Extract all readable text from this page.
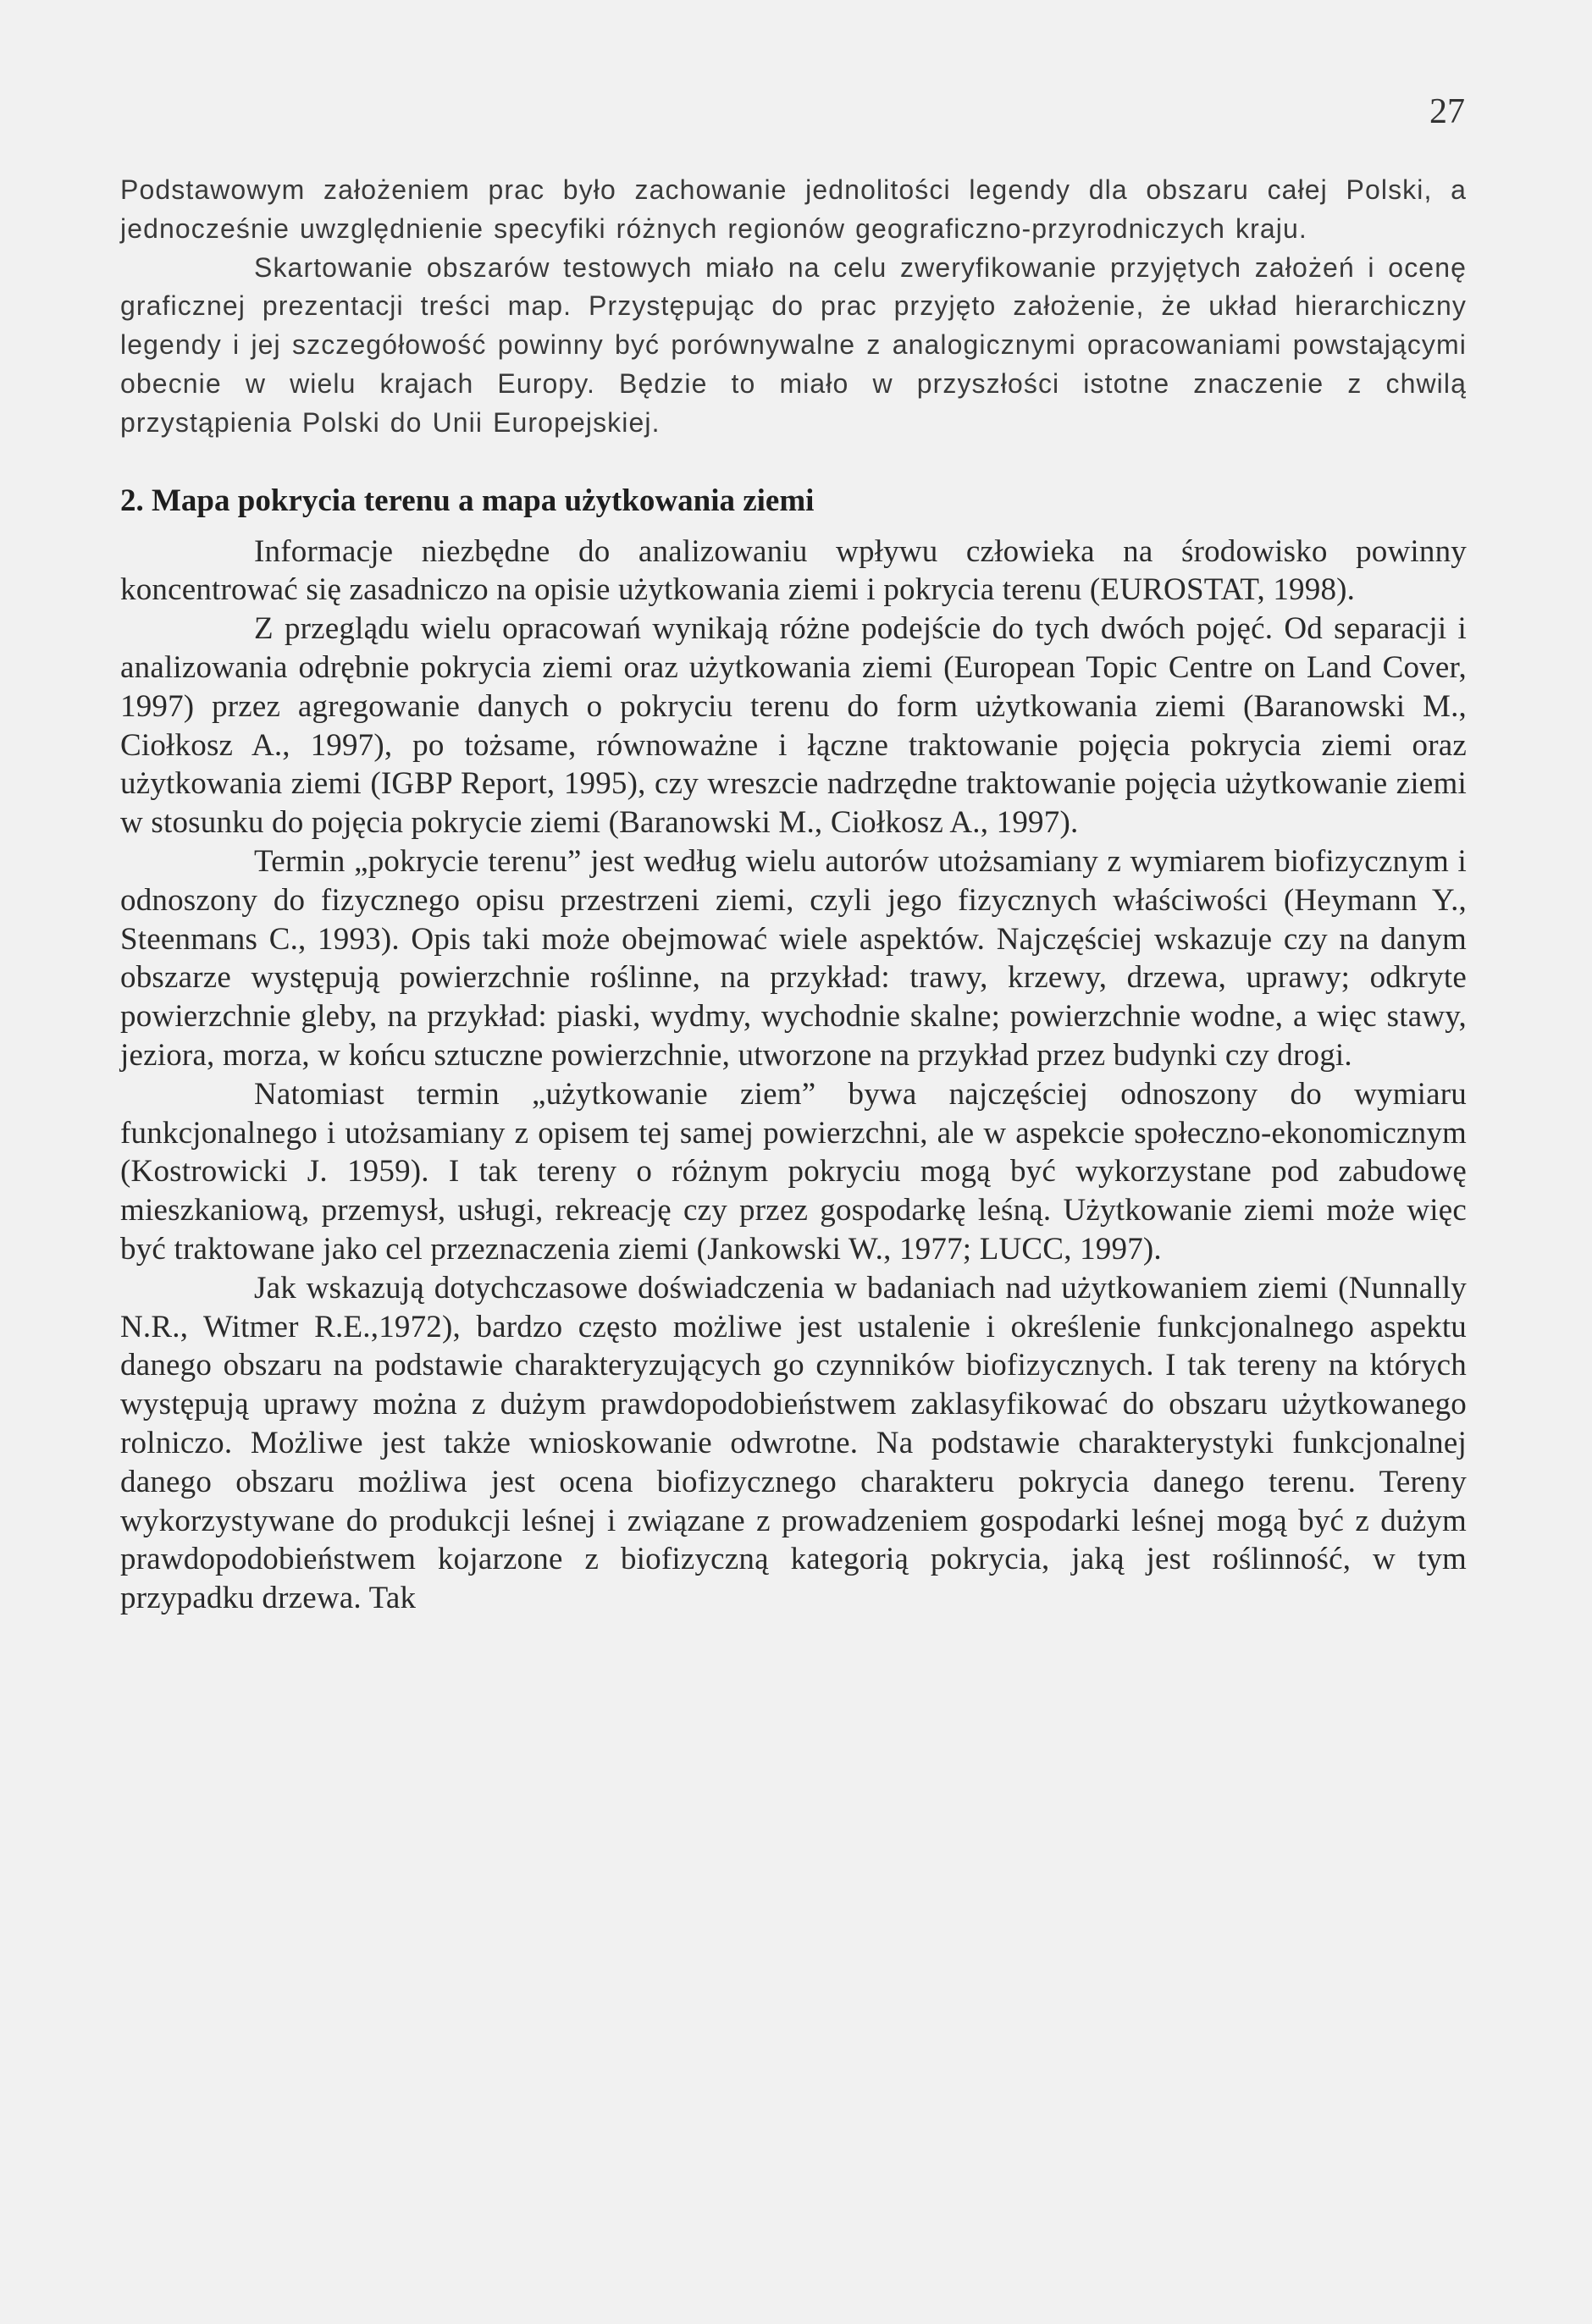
27

Podstawowym założeniem prac było zachowanie jednolitości legendy dla obszaru całej Polski, a jednocześnie uwzględnienie specyfiki różnych regionów geograficzno-przyrodniczych kraju.

Skartowanie obszarów testowych miało na celu zweryfikowanie przyjętych założeń i ocenę graficznej prezentacji treści map. Przystępując do prac przyjęto założenie, że układ hierarchiczny legendy i jej szczegółowość powinny być porównywalne z analogicznymi opracowaniami powstającymi obecnie w wielu krajach Europy. Będzie to miało w przyszłości istotne znaczenie z chwilą przystąpienia Polski do Unii Europejskiej.

2. Mapa pokrycia terenu a mapa użytkowania ziemi

Informacje niezbędne do analizowaniu wpływu człowieka na środowisko powinny koncentrować się zasadniczo na opisie użytkowania ziemi i pokrycia terenu (EUROSTAT, 1998).

Z przeglądu wielu opracowań wynikają różne podejście do tych dwóch pojęć. Od separacji i analizowania odrębnie pokrycia ziemi oraz użytkowania ziemi (European Topic Centre on Land Cover, 1997) przez agregowanie danych o pokryciu terenu do form użytkowania ziemi (Baranowski M., Ciołkosz A., 1997), po tożsame, równoważne i łączne traktowanie pojęcia pokrycia ziemi oraz użytkowania ziemi (IGBP Report, 1995), czy wreszcie nadrzędne traktowanie pojęcia użytkowanie ziemi w stosunku do pojęcia pokrycie ziemi (Baranowski M., Ciołkosz A., 1997).

Termin „pokrycie terenu” jest według wielu autorów utożsamiany z wymiarem biofizycznym i odnoszony do fizycznego opisu przestrzeni ziemi, czyli jego fizycznych właściwości (Heymann Y., Steenmans C., 1993). Opis taki może obejmować wiele aspektów. Najczęściej wskazuje czy na danym obszarze występują powierzchnie roślinne, na przykład: trawy, krzewy, drzewa, uprawy; odkryte powierzchnie gleby, na przykład: piaski, wydmy, wychodnie skalne; powierzchnie wodne, a więc stawy, jeziora, morza, w końcu sztuczne powierzchnie, utworzone na przykład przez budynki czy drogi.

Natomiast termin „użytkowanie ziem” bywa najczęściej odnoszony do wymiaru funkcjonalnego i utożsamiany z opisem tej samej powierzchni, ale w aspekcie społeczno-ekonomicznym (Kostrowicki J. 1959). I tak tereny o różnym pokryciu mogą być wykorzystane pod zabudowę mieszkaniową, przemysł, usługi, rekreację czy przez gospodarkę leśną. Użytkowanie ziemi może więc być traktowane jako cel przeznaczenia ziemi (Jankowski W., 1977; LUCC, 1997).

Jak wskazują dotychczasowe doświadczenia w badaniach nad użytkowaniem ziemi (Nunnally N.R., Witmer R.E.,1972), bardzo często możliwe jest ustalenie i określenie funkcjonalnego aspektu danego obszaru na podstawie charakteryzujących go czynników biofizycznych. I tak tereny na których występują uprawy można z dużym prawdopodobieństwem zaklasyfikować do obszaru użytkowanego rolniczo. Możliwe jest także wnioskowanie odwrotne. Na podstawie charakterystyki funkcjonalnej danego obszaru możliwa jest ocena biofizycznego charakteru pokrycia danego terenu. Tereny wykorzystywane do produkcji leśnej i związane z prowadzeniem gospodarki leśnej mogą być z dużym prawdopodobieństwem kojarzone z biofizyczną kategorią pokrycia, jaką jest roślinność, w tym przypadku drzewa. Tak
